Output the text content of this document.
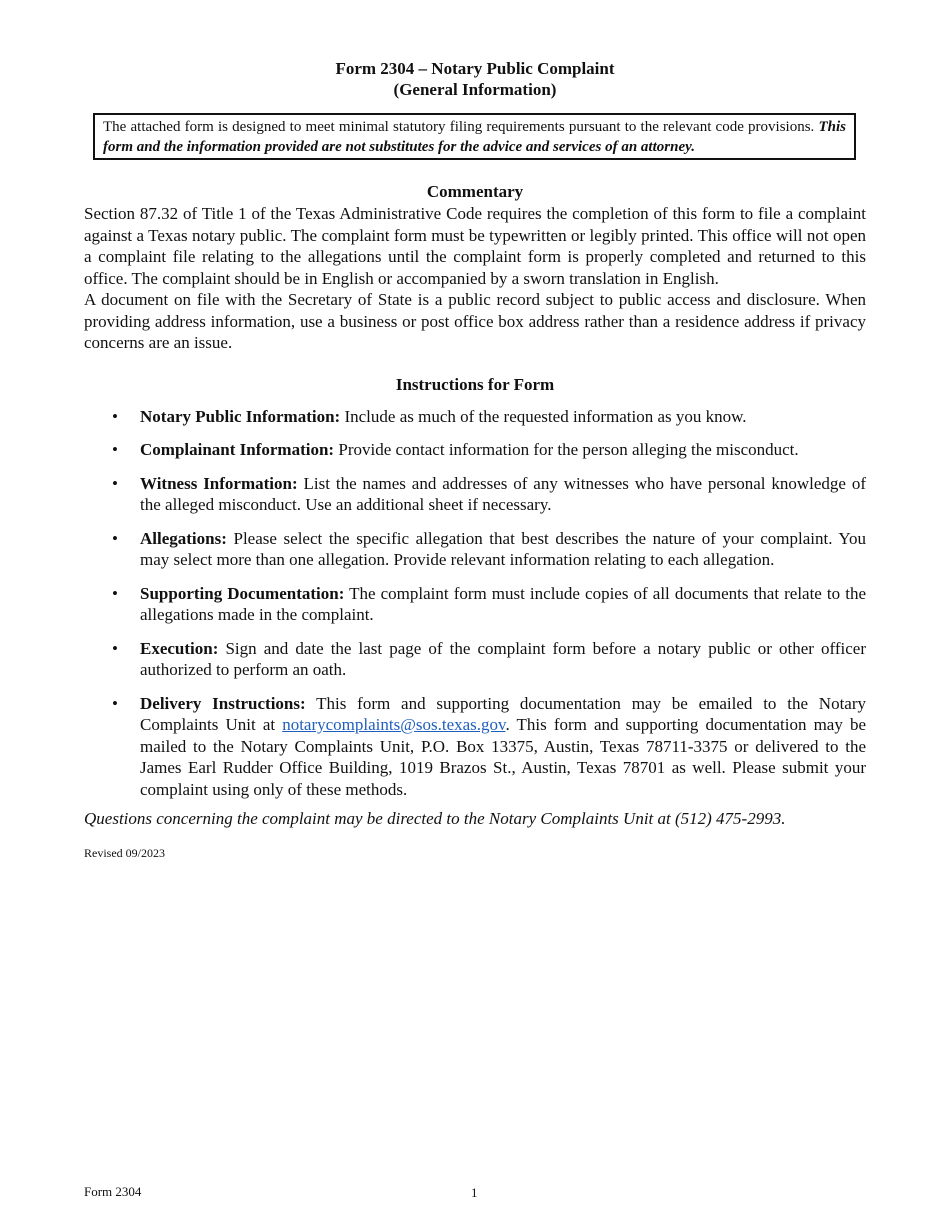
Form 2304 – Notary Public Complaint

(General Information)

The attached form is designed to meet minimal statutory filing requirements pursuant to the relevant code provisions. This form and the information provided are not substitutes for the advice and services of an attorney.
Commentary

Section 87.32 of Title 1 of the Texas Administrative Code requires the completion of this form to file a complaint against a Texas notary public. The complaint form must be typewritten or legibly printed. This office will not open a complaint file relating to the allegations until the complaint form is properly completed and returned to this office. The complaint should be in English or accompanied by a sworn translation in English.

A document on file with the Secretary of State is a public record subject to public access and disclosure. When providing address information, use a business or post office box address rather than a residence address if privacy concerns are an issue.

Instructions for Form
• Notary Public Information: Include as much of the requested information as you know.
• Complainant Information: Provide contact information for the person alleging the misconduct.
• Witness Information: List the names and addresses of any witnesses who have personal knowledge of the alleged misconduct. Use an additional sheet if necessary.
• Allegations: Please select the specific allegation that best describes the nature of your complaint. You may select more than one allegation. Provide relevant information relating to each allegation.
• Supporting Documentation: The complaint form must include copies of all documents that relate to the allegations made in the complaint.
• Execution: Sign and date the last page of the complaint form before a notary public or other officer authorized to perform an oath.
• Delivery Instructions: This form and supporting documentation may be emailed to the Notary Complaints Unit at notarycomplaints@sos.texas.gov. This form and supporting documentation may be mailed to the Notary Complaints Unit, P.O. Box 13375, Austin, Texas 78711-3375 or delivered to the James Earl Rudder Office Building, 1019 Brazos St., Austin, Texas 78701 as well. Please submit your complaint using only of these methods.

Questions concerning the complaint may be directed to the Notary Complaints Unit at (512) 475-2993.

Revised 09/2023
Form 2304	1
